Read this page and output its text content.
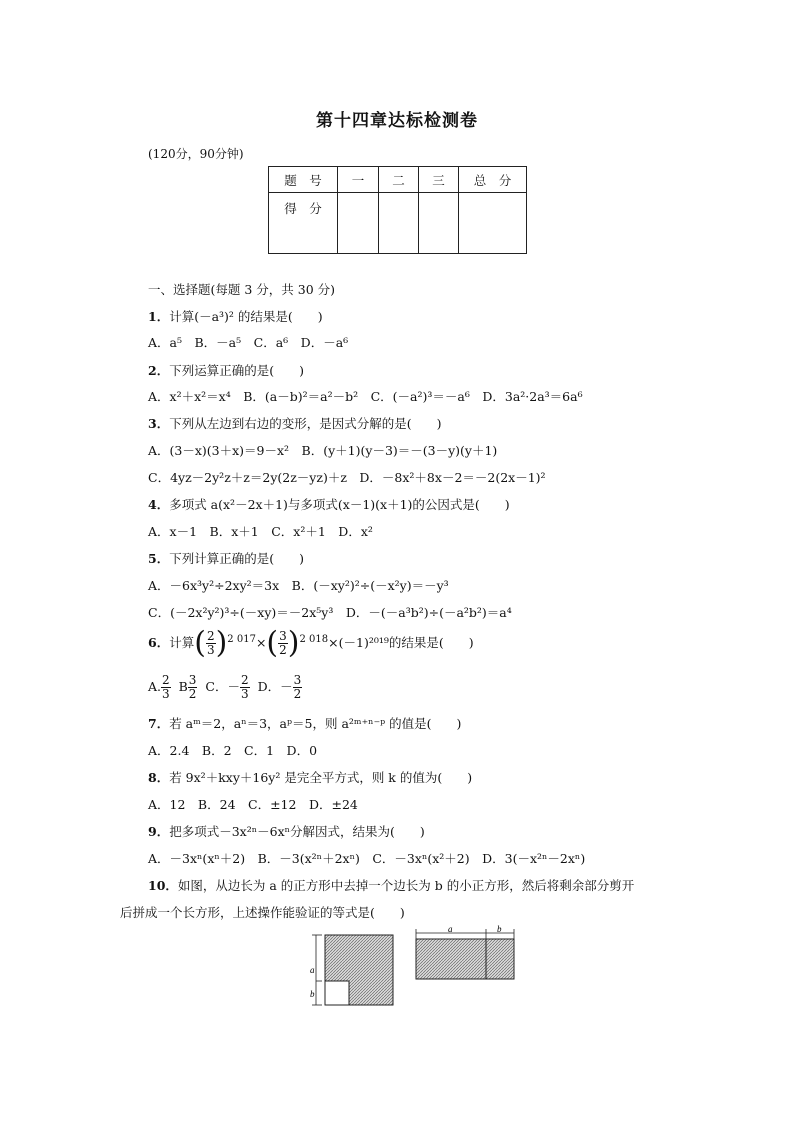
第十四章达标检测卷
(120分，90分钟)
题　号	一	二	三	总　分
得　分				
一、选择题(每题 3 分，共 30 分)
1．计算(－a³)² 的结果是(　　)
A．a⁵　B．－a⁵　C．a⁶　D．－a⁶
2．下列运算正确的是(　　)
A．x²＋x²＝x⁴　B．(a－b)²＝a²－b²　C．(－a²)³＝－a⁶　D．3a²·2a³＝6a⁶
3．下列从左边到右边的变形，是因式分解的是(　　)
A．(3－x)(3＋x)＝9－x²　B．(y＋1)(y－3)＝－(3－y)(y＋1)
C．4yz－2y²z＋z＝2y(2z－yz)＋z　D．－8x²＋8x－2＝－2(2x－1)²
4．多项式 a(x²－2x＋1)与多项式(x－1)(x＋1)的公因式是(　　)
A．x－1　B．x＋1　C．x²＋1　D．x²
5．下列计算正确的是(　　)
A．－6x³y²÷2xy²＝3x　B．(－xy²)²÷(－x²y)＝－y³
C．(－2x²y²)³÷(－xy)＝－2x⁵y³　D．－(－a³b²)÷(－a²b²)＝a⁴
6．计算( $\frac{2}{3} )^{2 017}\times( \frac{3}{2} )^{2 018}\times(-1)^{2019}$的结果是(　　)
A. $\frac{2}{3}$ B $\frac{3}{2}$ C．－ $\frac{2}{3}$ D．－ $\frac{3}{2}$
7．若 aᵐ＝2，aⁿ＝3，aᵖ＝5，则 a²ᵐ⁺ⁿ⁻ᵖ 的值是(　　)
A．2.4　B．2　C．1　D．0
8．若 9x²＋kxy＋16y² 是完全平方式，则 k 的值为(　　)
A．12　B．24　C．±12　D．±24
9．把多项式－3x²ⁿ－6xⁿ分解因式，结果为(　　)
A．－3xⁿ(xⁿ＋2)　B．－3(x²ⁿ＋2xⁿ)　C．－3xⁿ(x²＋2)　D．3(－x²ⁿ－2xⁿ)
10．如图，从边长为 a 的正方形中去掉一个边长为 b 的小正方形，然后将剩余部分剪开
后拼成一个长方形，上述操作能验证的等式是(　　)
a
b
a	b
